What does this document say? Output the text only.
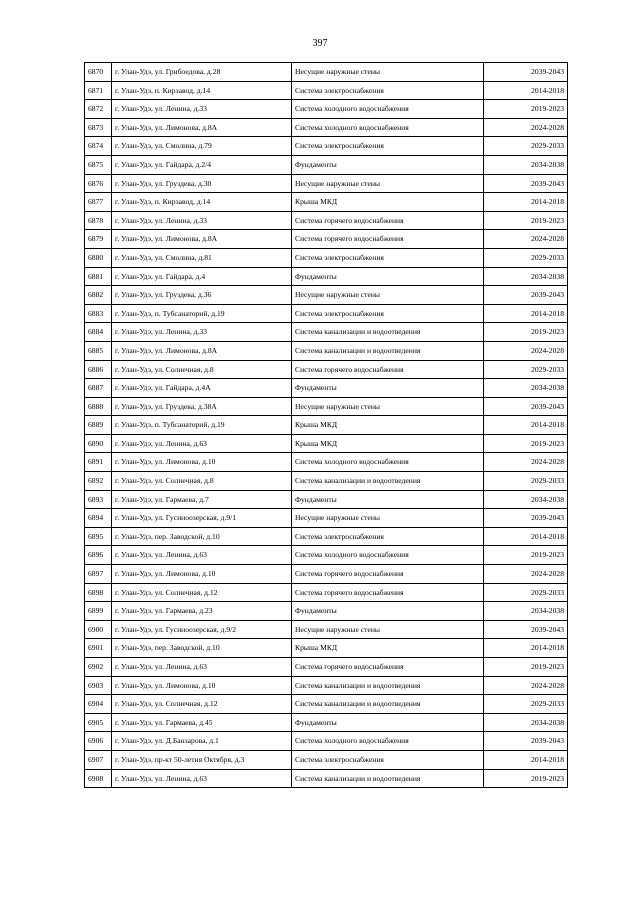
397
6870	г. Улан-Удэ, ул. Грибоедова, д.28	Несущие наружные стены	2039-2043
6871	г. Улан-Удэ, п. Кирзавод, д.14	Система электроснабжения	2014-2018
6872	г. Улан-Удэ, ул. Ленина, д.33	Система холодного водоснабжения	2019-2023
6873	г. Улан-Удэ, ул. Лимонова, д.8А	Система холодного водоснабжения	2024-2028
6874	г. Улан-Удэ, ул. Смолина, д.79	Система электроснабжения	2029-2033
6875	г. Улан-Удэ, ул. Гайдара, д.2/4	Фундаменты	2034-2038
6876	г. Улан-Удэ, ул. Груздева, д.30	Несущие наружные стены	2039-2043
6877	г. Улан-Удэ, п. Кирзавод, д.14	Крыша МКД	2014-2018
6878	г. Улан-Удэ, ул. Ленина, д.33	Система горячего водоснабжения	2019-2023
6879	г. Улан-Удэ, ул. Лимонова, д.8А	Система горячего водоснабжения	2024-2028
6880	г. Улан-Удэ, ул. Смолина, д.81	Система электроснабжения	2029-2033
6881	г. Улан-Удэ, ул. Гайдара, д.4	Фундаменты	2034-2038
6882	г. Улан-Удэ, ул. Груздева, д.36	Несущие наружные стены	2039-2043
6883	г. Улан-Удэ, п. Тубсанаторий, д.19	Система электроснабжения	2014-2018
6884	г. Улан-Удэ, ул. Ленина, д.33	Система канализации и водоотведения	2019-2023
6885	г. Улан-Удэ, ул. Лимонова, д.8А	Система канализации и водоотведения	2024-2028
6886	г. Улан-Удэ, ул. Солнечная, д.8	Система горячего водоснабжения	2029-2033
6887	г. Улан-Удэ, ул. Гайдара, д.4А	Фундаменты	2034-2038
6888	г. Улан-Удэ, ул. Груздева, д.38А	Несущие наружные стены	2039-2043
6889	г. Улан-Удэ, п. Тубсанаторий, д.19	Крыша МКД	2014-2018
6890	г. Улан-Удэ, ул. Ленина, д.63	Крыша МКД	2019-2023
6891	г. Улан-Удэ, ул. Лимонова, д.10	Система холодного водоснабжения	2024-2028
6892	г. Улан-Удэ, ул. Солнечная, д.8	Система канализации и водоотведения	2029-2033
6893	г. Улан-Удэ, ул. Гармаева, д.7	Фундаменты	2034-2038
6894	г. Улан-Удэ, ул. Гусиноозерская, д.9/1	Несущие наружные стены	2039-2043
6895	г. Улан-Удэ, пер. Заводской, д.10	Система электроснабжения	2014-2018
6896	г. Улан-Удэ, ул. Ленина, д.63	Система холодного водоснабжения	2019-2023
6897	г. Улан-Удэ, ул. Лимонова, д.10	Система горячего водоснабжения	2024-2028
6898	г. Улан-Удэ, ул. Солнечная, д.12	Система горячего водоснабжения	2029-2033
6899	г. Улан-Удэ, ул. Гармаева, д.23	Фундаменты	2034-2038
6900	г. Улан-Удэ, ул. Гусиноозерская, д.9/2	Несущие наружные стены	2039-2043
6901	г. Улан-Удэ, пер. Заводской, д.10	Крыша МКД	2014-2018
6902	г. Улан-Удэ, ул. Ленина, д.63	Система горячего водоснабжения	2019-2023
6903	г. Улан-Удэ, ул. Лимонова, д.10	Система канализации и водоотведения	2024-2028
6904	г. Улан-Удэ, ул. Солнечная, д.12	Система канализации и водоотведения	2029-2033
6905	г. Улан-Удэ, ул. Гармаева, д.45	Фундаменты	2034-2038
6906	г. Улан-Удэ, ул. Д.Банзарова, д.1	Система холодного водоснабжения	2039-2043
6907	г. Улан-Удэ, пр-кт 50-летия Октября, д.3	Система электроснабжения	2014-2018
6908	г. Улан-Удэ, ул. Ленина, д.63	Система канализации и водоотведения	2019-2023
